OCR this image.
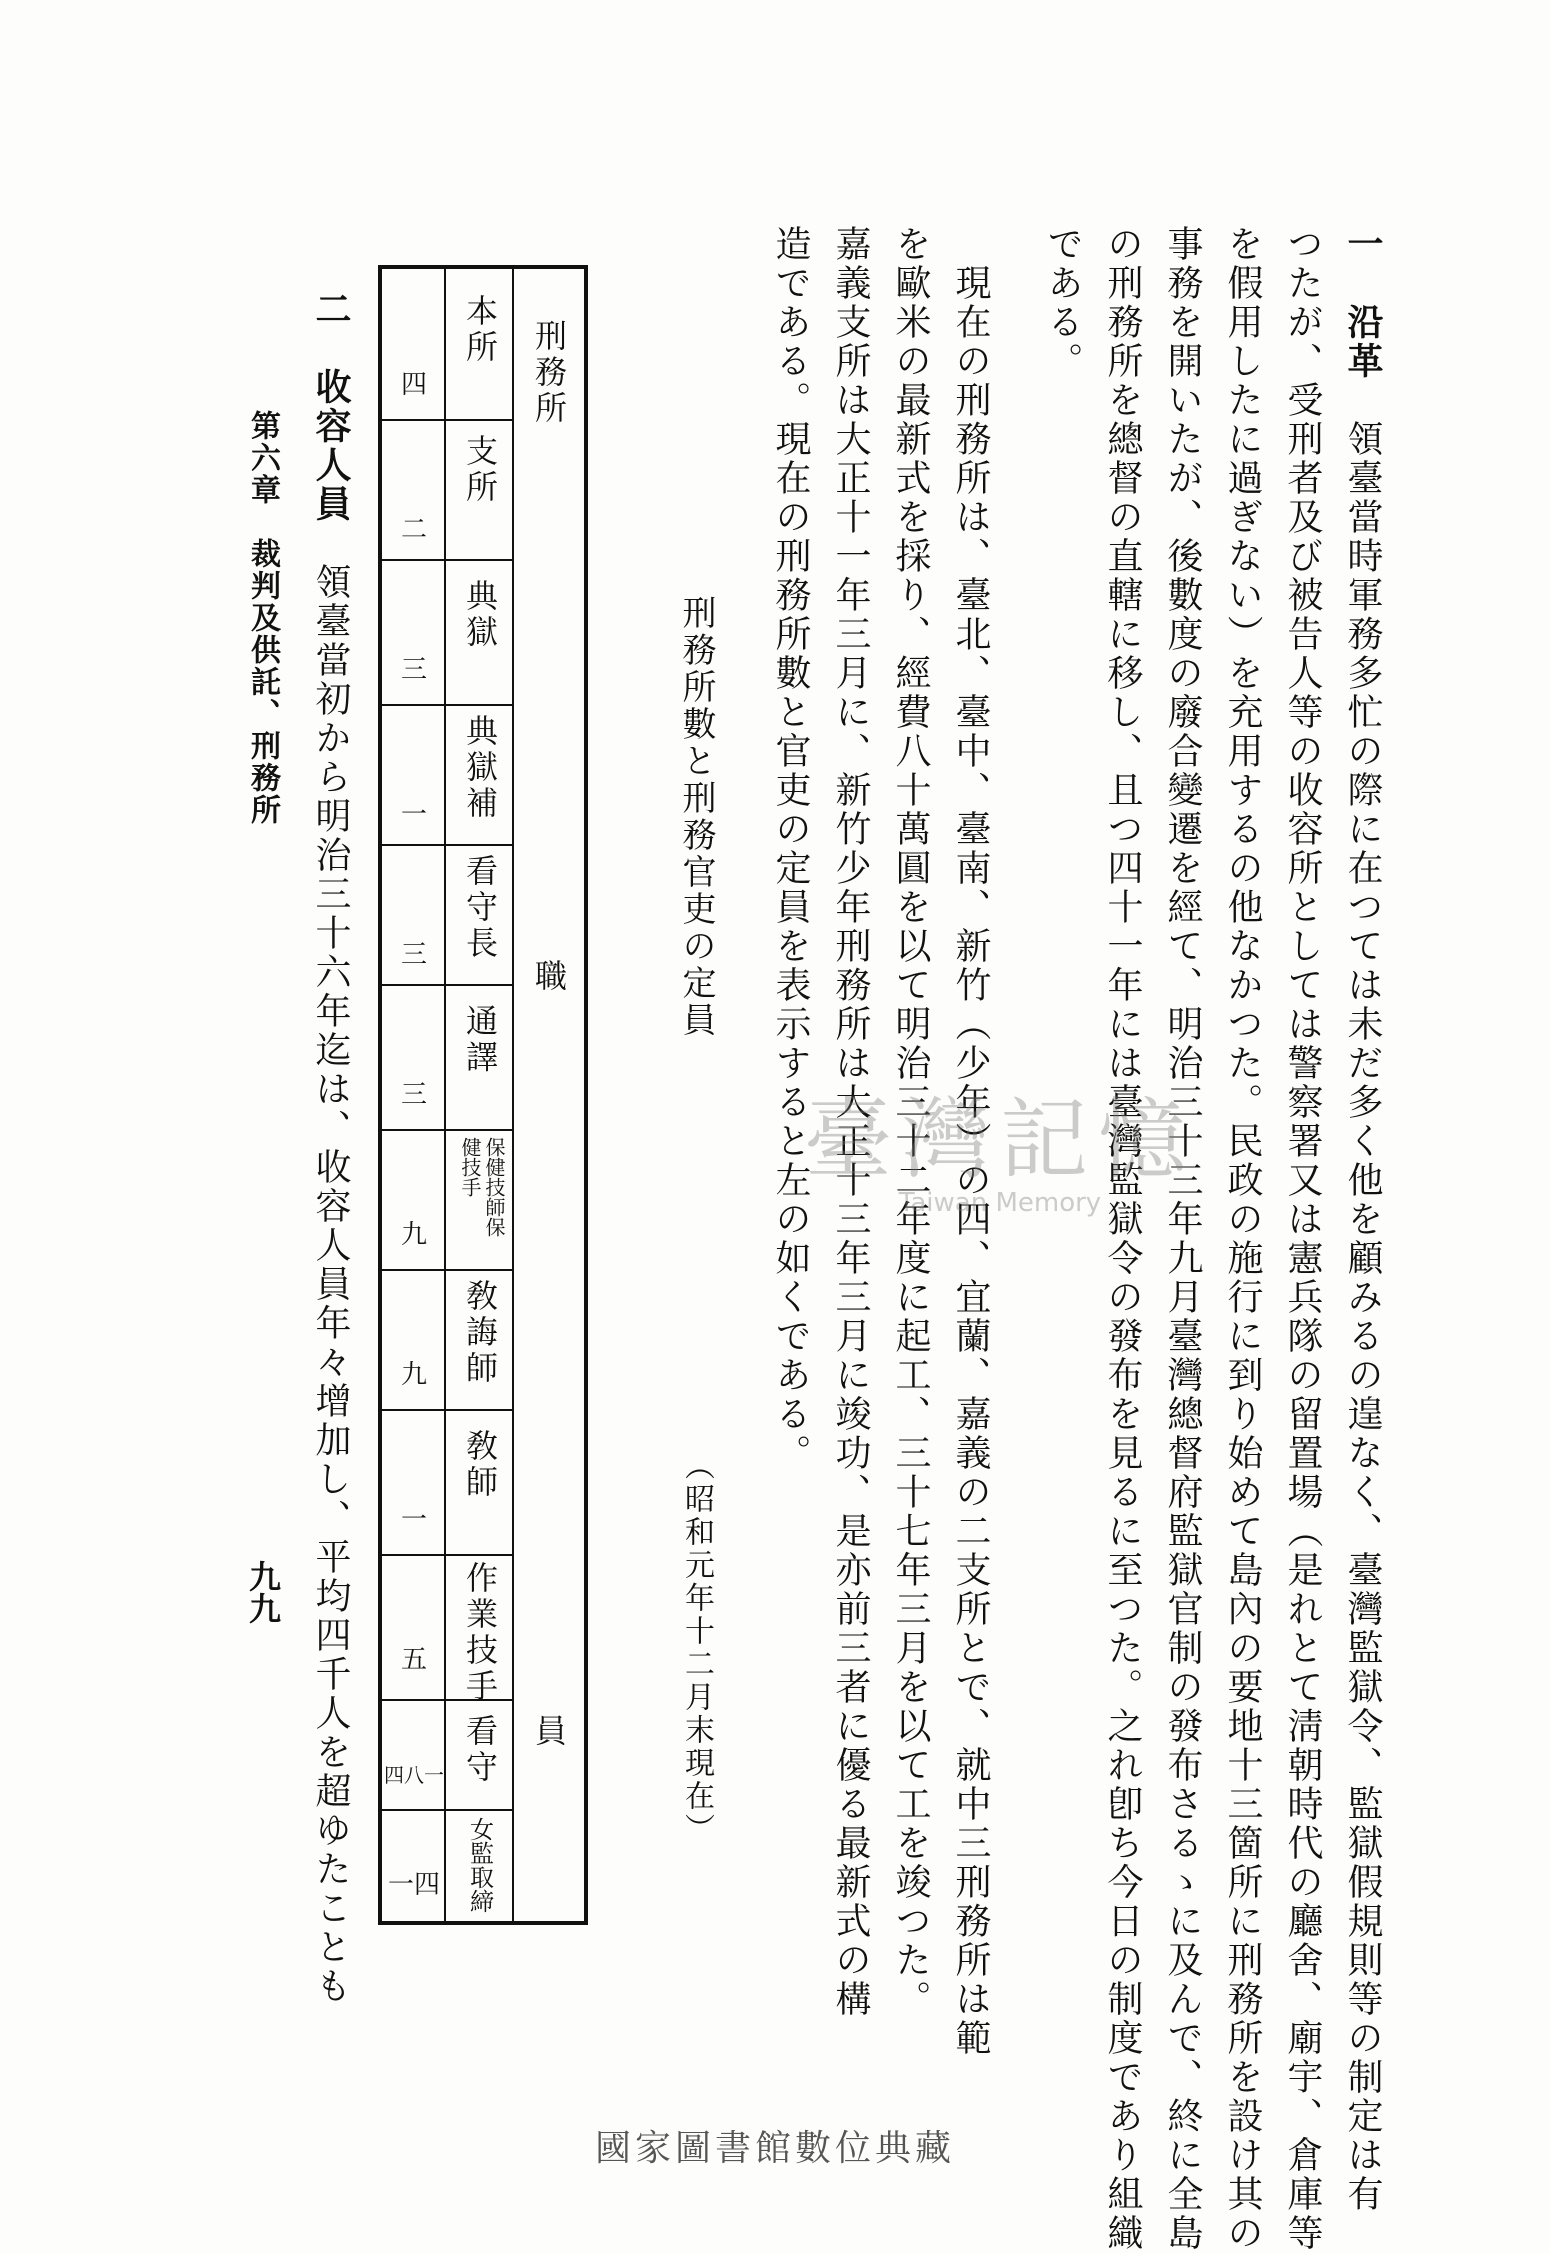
一　沿革　領臺當時軍務多忙の際に在つては未だ多く他を顧みるの遑なく、臺灣監獄令、監獄假規則等の制定は有
つたが、受刑者及び被告人等の收容所としては警察署又は憲兵隊の留置場（是れとて淸朝時代の廳舍、廟宇、倉庫等
を假用したに過ぎない）を充用するの他なかつた。民政の施行に到り始めて島內の要地十三箇所に刑務所を設け其の
事務を開いたが、後數度の廢合變遷を經て、明治三十三年九月臺灣總督府監獄官制の發布さるゝに及んで、終に全島
の刑務所を總督の直轄に移し、且つ四十一年には臺灣監獄令の發布を見るに至つた。之れ卽ち今日の制度であり組織
である。
　現在の刑務所は、臺北、臺中、臺南、新竹（少年）の四、宜蘭、嘉義の二支所とで、就中三刑務所は範
を歐米の最新式を採り、經費八十萬圓を以て明治三十二年度に起工、三十七年三月を以て工を竣つた。
嘉義支所は大正十一年三月に、新竹少年刑務所は大正十三年三月に竣功、是亦前三者に優る最新式の構
造である。現在の刑務所數と官吏の定員を表示すると左の如くである。
刑務所數と刑務官吏の定員
（昭和元年十二月末現在）
刑務所
職
員
本所
支所
典獄
典獄補
看守長
通譯
保健技師保健技手
敎誨師
敎師
作業技手
看守
女監取締
四
二
三
一
三
三
九
九
一
五
四八一
一四
二　收容人員　領臺當初から明治三十六年迄は、收容人員年々增加し、平均四千人を超ゆたことも
第六章　裁判及供託、刑務所
九九
臺灣記憶
Taiwan Memory
國家圖書館數位典藏
